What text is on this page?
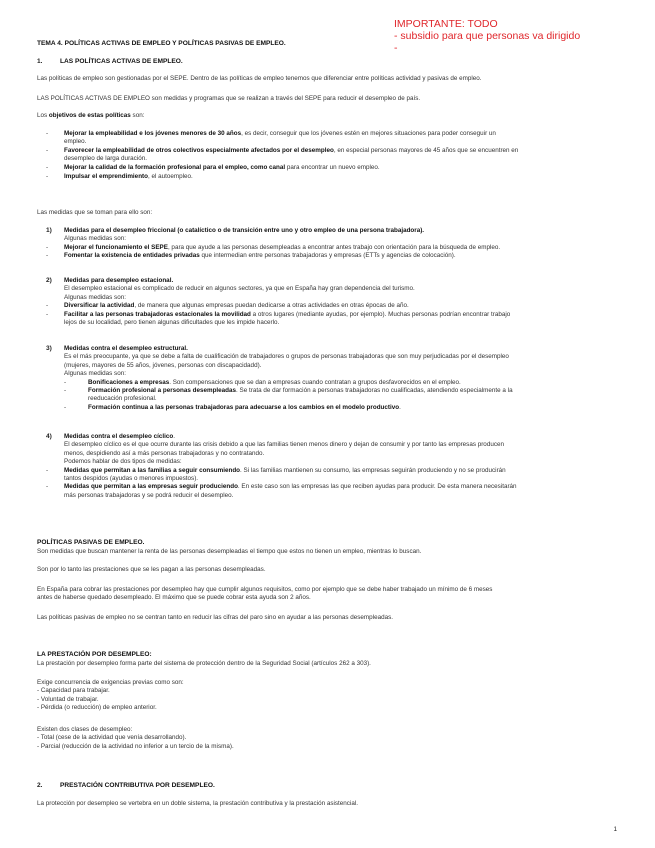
IMPORTANTE: TODO
- subsidio para que personas va dirigido
-
TEMA 4. POLÍTICAS ACTIVAS DE EMPLEO Y POLÍTICAS PASIVAS DE EMPLEO.
1.	LAS POLÍTICAS ACTIVAS DE EMPLEO.
Las políticas de empleo son gestionadas por el SEPE. Dentro de las políticas de empleo tenemos que diferenciar entre políticas actividad y pasivas de empleo.
LAS POLÍTICAS ACTIVAS DE EMPLEO son medidas y programas que se realizan a través del SEPE para reducir el desempleo de país.
Los objetivos de estas políticas son:
-	Mejorar la empleabilidad e los jóvenes menores de 30 años, es decir, conseguir que los jóvenes estén en mejores situaciones para poder conseguir un
empleo.
-	Favorecer la empleabilidad de otros colectivos especialmente afectados por el desempleo, en especial personas mayores de 45 años que se encuentren en
desempleo de larga duración.
-	Mejorar la calidad de la formación profesional para el empleo, como canal para encontrar un nuevo empleo.
-	Impulsar el emprendimiento, el autoempleo.
Las medidas que se toman para ello son:
1) Medidas para el desempleo friccional (o catalíctico o de transición entre uno y otro empleo de una persona trabajadora).
Algunas medidas son:
-	Mejorar el funcionamiento el SEPE, para que ayude a las personas desempleadas a encontrar antes trabajo con orientación para la búsqueda de empleo.
-	Fomentar la existencia de entidades privadas que intermedian entre personas trabajadoras y empresas (ETTs y agencias de colocación).
2) Medidas para desempleo estacional.
El desempleo estacional es complicado de reducir en algunos sectores, ya que en España hay gran dependencia del turismo.
Algunas medidas son:
-	Diversificar la actividad, de manera que algunas empresas puedan dedicarse a otras actividades en otras épocas de año.
-	Facilitar a las personas trabajadoras estacionales la movilidad a otros lugares (mediante ayudas, por ejemplo). Muchas personas podrían encontrar trabajo
lejos de su localidad, pero tienen algunas dificultades que les impide hacerlo.
3) Medidas contra el desempleo estructural.
Es el más preocupante, ya que se debe a falta de cualificación de trabajadores o grupos de personas trabajadoras que son muy perjudicadas por el desempleo
(mujeres, mayores de 55 años, jóvenes, personas con discapacidadd).
Algunas medidas son:
-	Bonificaciones a empresas. Son compensaciones que se dan a empresas cuando contratan a grupos desfavorecidos en el empleo.
-	Formación profesional a personas desempleadas. Se trata de dar formación a personas trabajadoras no cualificadas, atendiendo especialmente a la
reeducación profesional.
-	Formación continua a las personas trabajadoras para adecuarse a los cambios en el modelo productivo.
4) Medidas contra el desempleo cíclico.
El desempleo cíclico es el que ocurre durante las crisis debido a que las familias tienen menos dinero y dejan de consumir y por tanto las empresas producen
menos, despidiendo así a más personas trabajadoras y no contratando.
Podemos hablar de dos tipos de medidas:
-	Medidas que permitan a las familias a seguir consumiendo. Si las familias mantienen su consumo, las empresas seguirán produciendo y no se producirán
tantos despidos (ayudas o menores impuestos).
-	Medidas que permitan a las empresas seguir produciendo. En este caso son las empresas las que reciben ayudas para producir. De esta manera necesitarán
más personas trabajadoras y se podrá reducir el desempleo.
POLÍTICAS PASIVAS DE EMPLEO.
Son medidas que buscan mantener la renta de las personas desempleadas el tiempo que estos no tienen un empleo, mientras lo buscan.
Son por lo tanto las prestaciones que se les pagan a las personas desempleadas.
En España para cobrar las prestaciones por desempleo hay que cumplir algunos requisitos, como por ejemplo que se debe haber trabajado un mínimo de 6 meses
antes de haberse quedado desempleado. El máximo que se puede cobrar esta ayuda son 2 años.
Las políticas pasivas de empleo no se centran tanto en reducir las cifras del paro sino en ayudar a las personas desempleadas.
LA PRESTACIÓN POR DESEMPLEO:
La prestación por desempleo forma parte del sistema de protección dentro de la Seguridad Social (artículos 262 a 303).
Exige concurrencia de exigencias previas como son:
- Capacidad para trabajar.
- Voluntad de trabajar.
- Pérdida (o reducción) de empleo anterior.
Existen dos clases de desempleo:
- Total (cese de la actividad que venía desarrollando).
- Parcial (reducción de la actividad no inferior a un tercio de la misma).
2.	PRESTACIÓN CONTRIBUTIVA POR DESEMPLEO.
La protección por desempleo se vertebra en un doble sistema, la prestación contributiva y la prestación asistencial.
1
